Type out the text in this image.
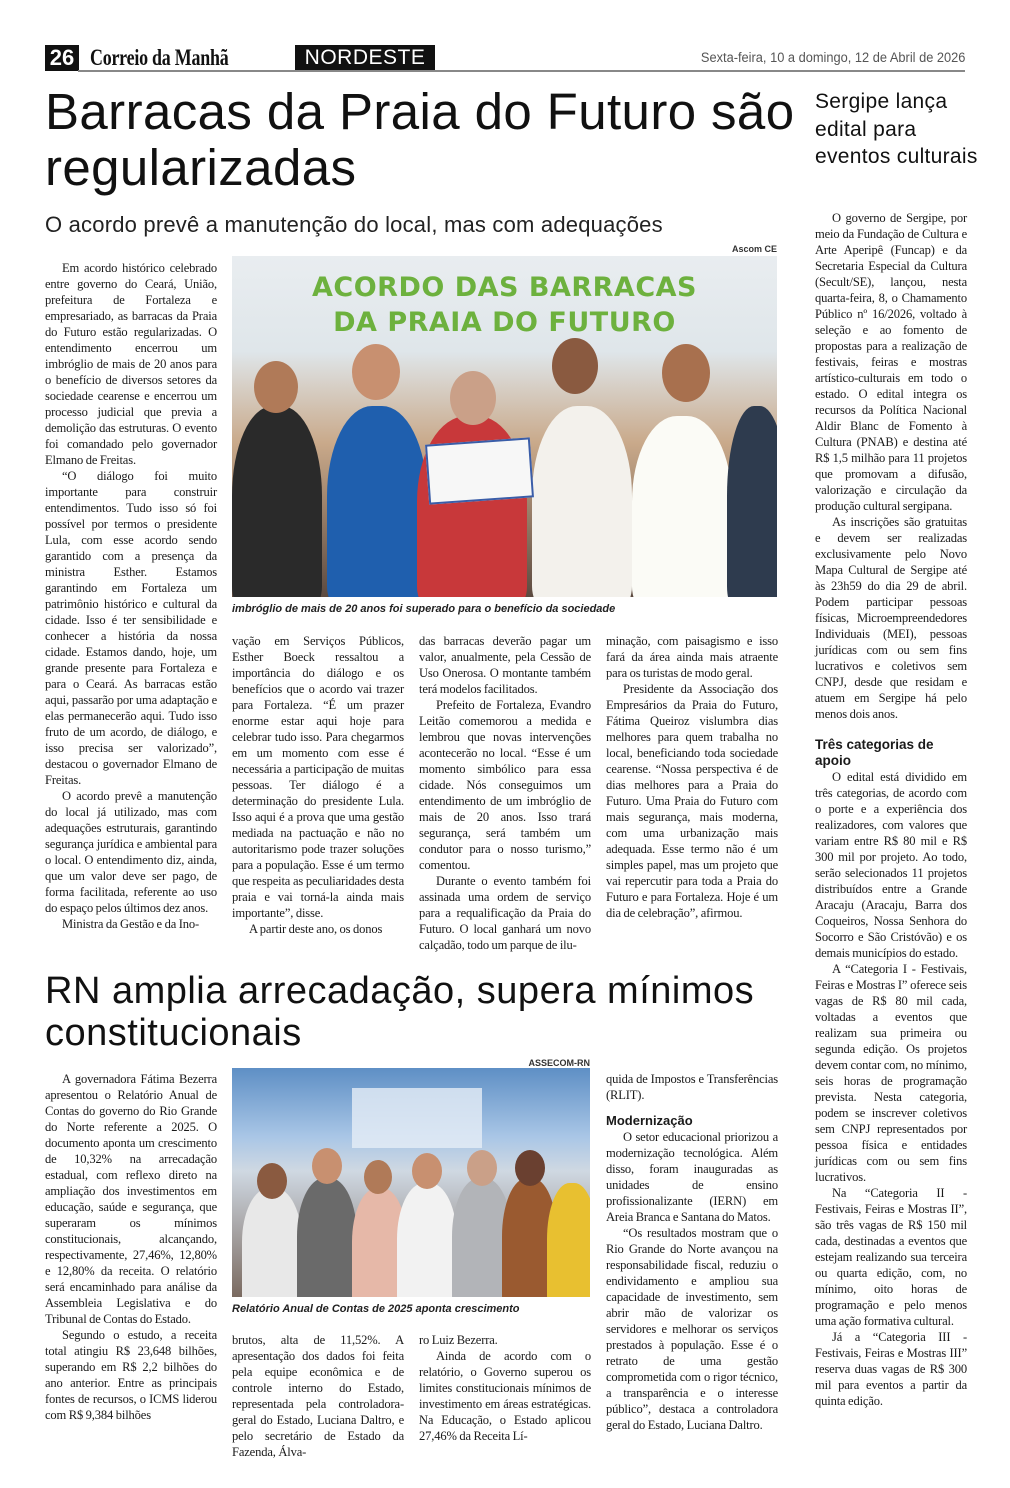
26 Correio da Manhã	NORDESTE	Sexta-feira, 10 a domingo, 12 de Abril de 2026
Barracas da Praia do Futuro são regularizadas
O acordo prevê a manutenção do local, mas com adequações
Ascom CE
ACORDO DAS BARRACAS DA PRAIA DO FUTURO
imbróglio de mais de 20 anos foi superado para o benefício da sociedade

Em acordo histórico celebrado entre governo do Ceará, União, prefeitura de Fortaleza e empresariado, as barracas da Praia do Futuro estão regularizadas. O entendimento encerrou um imbróglio de mais de 20 anos para o benefício de diversos setores da sociedade cearense e encerrou um processo judicial que previa a demolição das estruturas. O evento foi comandado pelo governador Elmano de Freitas.

“O diálogo foi muito importante para construir entendimentos. Tudo isso só foi possível por termos o presidente Lula, com esse acordo sendo garantido com a presença da ministra Esther. Estamos garantindo em Fortaleza um patrimônio histórico e cultural da cidade. Isso é ter sensibilidade e conhecer a história da nossa cidade. Estamos dando, hoje, um grande presente para Fortaleza e para o Ceará. As barracas estão aqui, passarão por uma adaptação e elas permanecerão aqui. Tudo isso fruto de um acordo, de diálogo, e isso precisa ser valorizado”, destacou o governador Elmano de Freitas.

O acordo prevê a manutenção do local já utilizado, mas com adequações estruturais, garantindo segurança jurídica e ambiental para o local. O entendimento diz, ainda, que um valor deve ser pago, de forma facilitada, referente ao uso do espaço pelos últimos dez anos.

Ministra da Gestão e da Ino-

vação em Serviços Públicos, Esther Boeck ressaltou a importância do diálogo e os benefícios que o acordo vai trazer para Fortaleza. “É um prazer enorme estar aqui hoje para celebrar tudo isso. Para chegarmos em um momento com esse é necessária a participação de muitas pessoas. Ter diálogo é a determinação do presidente Lula. Isso aqui é a prova que uma gestão mediada na pactuação e não no autoritarismo pode trazer soluções para a população. Esse é um termo que respeita as peculiaridades desta praia e vai torná-la ainda mais importante”, disse.

A partir deste ano, os donos

das barracas deverão pagar um valor, anualmente, pela Cessão de Uso Onerosa. O montante também terá modelos facilitados.

Prefeito de Fortaleza, Evandro Leitão comemorou a medida e lembrou que novas intervenções acontecerão no local. “Esse é um momento simbólico para essa cidade. Nós conseguimos um entendimento de um imbróglio de mais de 20 anos. Isso trará segurança, será também um condutor para o nosso turismo,” comentou.

Durante o evento também foi assinada uma ordem de serviço para a requalificação da Praia do Futuro. O local ganhará um novo calçadão, todo um parque de ilu-

minação, com paisagismo e isso fará da área ainda mais atraente para os turistas de modo geral.

Presidente da Associação dos Empresários da Praia do Futuro, Fátima Queiroz vislumbra dias melhores para quem trabalha no local, beneficiando toda sociedade cearense. “Nossa perspectiva é de dias melhores para a Praia do Futuro. Uma Praia do Futuro com mais segurança, mais moderna, com uma urbanização mais adequada. Esse termo não é um simples papel, mas um projeto que vai repercutir para toda a Praia do Futuro e para Fortaleza. Hoje é um dia de celebração”, afirmou.

RN amplia arrecadação, supera mínimos constitucionais
ASSECOM-RN
Relatório Anual de Contas de 2025 aponta crescimento

A governadora Fátima Bezerra apresentou o Relatório Anual de Contas do governo do Rio Grande do Norte referente a 2025. O documento aponta um crescimento de 10,32% na arrecadação estadual, com reflexo direto na ampliação dos investimentos em educação, saúde e segurança, que superaram os mínimos constitucionais, alcançando, respectivamente, 27,46%, 12,80% e 12,80% da receita. O relatório será encaminhado para análise da Assembleia Legislativa e do Tribunal de Contas do Estado.

Segundo o estudo, a receita total atingiu R$ 23,648 bilhões, superando em R$ 2,2 bilhões do ano anterior. Entre as principais fontes de recursos, o ICMS liderou com R$ 9,384 bilhões

brutos, alta de 11,52%. A apresentação dos dados foi feita pela equipe econômica e de controle interno do Estado, representada pela controladora-geral do Estado, Luciana Daltro, e pelo secretário de Estado da Fazenda, Álva-

ro Luiz Bezerra.

Ainda de acordo com o relatório, o Governo superou os limites constitucionais mínimos de investimento em áreas estratégicas. Na Educação, o Estado aplicou 27,46% da Receita Lí-

quida de Impostos e Transferências (RLIT).

Modernização

O setor educacional priorizou a modernização tecnológica. Além disso, foram inauguradas as unidades de ensino profissionalizante (IERN) em Areia Branca e Santana do Matos.

“Os resultados mostram que o Rio Grande do Norte avançou na responsabilidade fiscal, reduziu o endividamento e ampliou sua capacidade de investimento, sem abrir mão de valorizar os servidores e melhorar os serviços prestados à população. Esse é o retrato de uma gestão comprometida com o rigor técnico, a transparência e o interesse público”, destaca a controladora geral do Estado, Luciana Daltro.

Sergipe lança edital para eventos culturais

O governo de Sergipe, por meio da Fundação de Cultura e Arte Aperipê (Funcap) e da Secretaria Especial da Cultura (Secult/SE), lançou, nesta quarta-feira, 8, o Chamamento Público nº 16/2026, voltado à seleção e ao fomento de propostas para a realização de festivais, feiras e mostras artístico-culturais em todo o estado. O edital integra os recursos da Política Nacional Aldir Blanc de Fomento à Cultura (PNAB) e destina até R$ 1,5 milhão para 11 projetos que promovam a difusão, valorização e circulação da produção cultural sergipana.

As inscrições são gratuitas e devem ser realizadas exclusivamente pelo Novo Mapa Cultural de Sergipe até às 23h59 do dia 29 de abril. Podem participar pessoas físicas, Microempreendedores Individuais (MEI), pessoas jurídicas com ou sem fins lucrativos e coletivos sem CNPJ, desde que residam e atuem em Sergipe há pelo menos dois anos.

Três categorias de apoio

O edital está dividido em três categorias, de acordo com o porte e a experiência dos realizadores, com valores que variam entre R$ 80 mil e R$ 300 mil por projeto. Ao todo, serão selecionados 11 projetos distribuídos entre a Grande Aracaju (Aracaju, Barra dos Coqueiros, Nossa Senhora do Socorro e São Cristóvão) e os demais municípios do estado.

A “Categoria I - Festivais, Feiras e Mostras I” oferece seis vagas de R$ 80 mil cada, voltadas a eventos que realizam sua primeira ou segunda edição. Os projetos devem contar com, no mínimo, seis horas de programação prevista. Nesta categoria, podem se inscrever coletivos sem CNPJ representados por pessoa física e entidades jurídicas com ou sem fins lucrativos.

Na “Categoria II - Festivais, Feiras e Mostras II”, são três vagas de R$ 150 mil cada, destinadas a eventos que estejam realizando sua terceira ou quarta edição, com, no mínimo, oito horas de programação e pelo menos uma ação formativa cultural.

Já a “Categoria III - Festivais, Feiras e Mostras III” reserva duas vagas de R$ 300 mil para eventos a partir da quinta edição.
